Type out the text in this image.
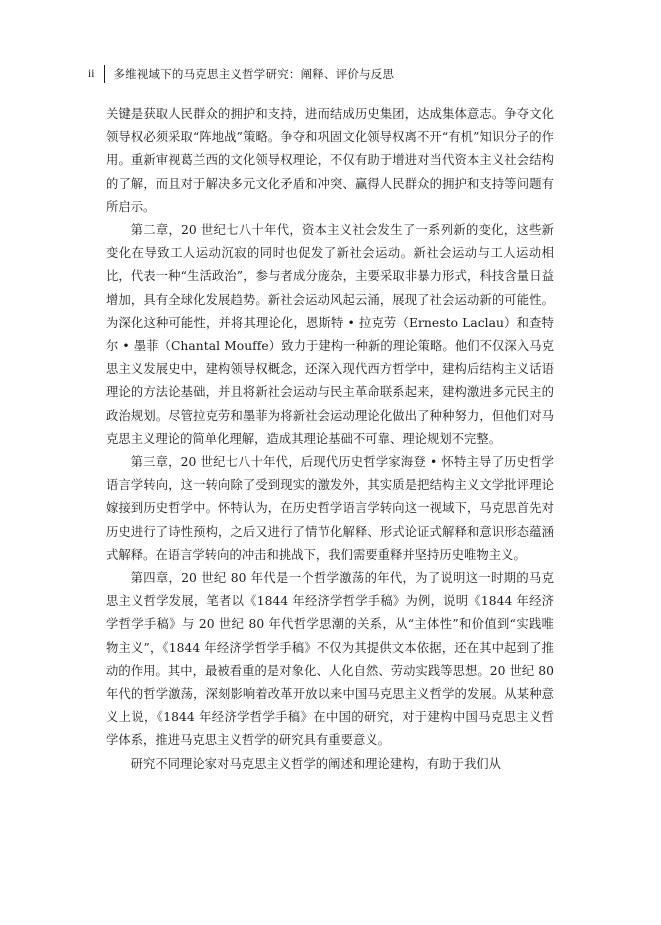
ii 多维视域下的马克思主义哲学研究：阐释、评价与反思

关键是获取人民群众的拥护和支持，进而结成历史集团，达成集体意志。争夺文化领导权必须采取“阵地战”策略。争夺和巩固文化领导权离不开“有机”知识分子的作用。重新审视葛兰西的文化领导权理论，不仅有助于增进对当代资本主义社会结构的了解，而且对于解决多元文化矛盾和冲突、赢得人民群众的拥护和支持等问题有所启示。

第二章，20 世纪七八十年代，资本主义社会发生了一系列新的变化，这些新变化在导致工人运动沉寂的同时也促发了新社会运动。新社会运动与工人运动相比，代表一种“生活政治”，参与者成分庞杂，主要采取非暴力形式，科技含量日益增加，具有全球化发展趋势。新社会运动风起云涌，展现了社会运动新的可能性。为深化这种可能性，并将其理论化，恩斯特 • 拉克劳（Ernesto Laclau）和查特尔 • 墨菲（Chantal Mouffe）致力于建构一种新的理论策略。他们不仅深入马克思主义发展史中，建构领导权概念，还深入现代西方哲学中，建构后结构主义话语理论的方法论基础，并且将新社会运动与民主革命联系起来，建构激进多元民主的政治规划。尽管拉克劳和墨菲为将新社会运动理论化做出了种种努力，但他们对马克思主义理论的简单化理解，造成其理论基础不可靠、理论规划不完整。

第三章，20 世纪七八十年代，后现代历史哲学家海登 • 怀特主导了历史哲学语言学转向，这一转向除了受到现实的激发外，其实质是把结构主义文学批评理论嫁接到历史哲学中。怀特认为，在历史哲学语言学转向这一视域下，马克思首先对历史进行了诗性预构，之后又进行了情节化解释、形式论证式解释和意识形态蕴涵式解释。在语言学转向的冲击和挑战下，我们需要重释并坚持历史唯物主义。

第四章，20 世纪 80 年代是一个哲学激荡的年代，为了说明这一时期的马克思主义哲学发展，笔者以《1844 年经济学哲学手稿》为例，说明《1844 年经济学哲学手稿》与 20 世纪 80 年代哲学思潮的关系，从“主体性”和价值到“实践唯物主义”，《1844 年经济学哲学手稿》不仅为其提供文本依据，还在其中起到了推动的作用。其中，最被看重的是对象化、人化自然、劳动实践等思想。20 世纪 80 年代的哲学激荡，深刻影响着改革开放以来中国马克思主义哲学的发展。从某种意义上说，《1844 年经济学哲学手稿》在中国的研究，对于建构中国马克思主义哲学体系，推进马克思主义哲学的研究具有重要意义。

研究不同理论家对马克思主义哲学的阐述和理论建构，有助于我们从
